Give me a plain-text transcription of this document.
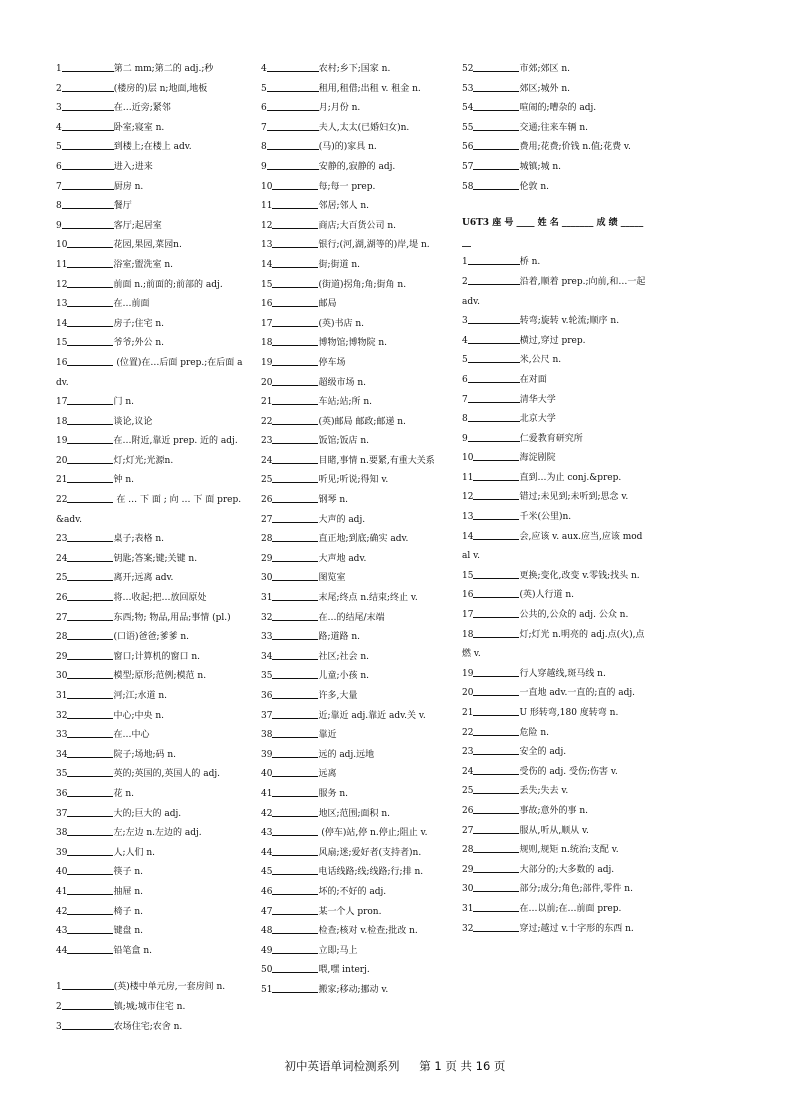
1	第二 mm;第二的 adj.;秒
2	(楼房的)层 n;地面,地板
3	在…近旁;紧邻
4	卧室;寝室 n.
5	到楼上;在楼上 adv.
6	进入;进来
7	厨房 n.
8	餐厅
9	客厅;起居室
10	花园,果园,菜园n.
11	浴室;盥洗室 n.
12	前面 n.;前面的;前部的 adj.
13	在…前面
14	房子;住宅 n.
15	爷爷;外公 n.
16	(位置)在…后面 prep.;在后面 adv.
17	门 n.
18	谈论,议论
19	在…附近,靠近 prep. 近的 adj.
20	灯;灯光;光源n.
21	钟 n.
22	在 … 下 面 ; 向 … 下 面 prep.&adv.
23	桌子;表格 n.
24	钥匙;答案;键;关键 n.
25	离开;远离 adv.
26	将…收起;把…放回原处
27	东西;物; 物品,用品;事情 (pl.)
28	(口语)爸爸;爹爹 n.
29	窗口;计算机的窗口 n.
30	模型;原形;范例;模范 n.
31	河;江;水道 n.
32	中心;中央 n.
33	在…中心
34	院子;场地;码 n.
35	英的;英国的,英国人的 adj.
36	花 n.
37	大的;巨大的 adj.
38	左;左边 n.左边的 adj.
39	人;人们 n.
40	筷子 n.
41	抽屉 n.
42	椅子 n.
43	键盘 n.
44	铅笔盒 n.
1	(英)楼中单元房,一套房间 n.
2	镇;城;城市住宅 n.
3	农场住宅;农舍 n.
4	农村;乡下;国家 n.
5	租用,租借;出租 v. 租金 n.
6	月;月份 n.
7	夫人,太太(已婚妇女)n.
8	(马)的)家具 n.
9	安静的,寂静的 adj.
10	每;每一 prep.
11	邻居;邻人 n.
12	商店;大百货公司 n.
13	银行;(河,湖,湖等的)岸,堤 n.
14	街;街道 n.
15	(街道)拐角;角;街角 n.
16	邮局
17	(英)书店 n.
18	博物馆;博物院 n.
19	停车场
20	超级市场 n.
21	车站;站;所 n.
22	(英)邮局 邮政;邮递 n.
23	饭馆;饭店 n.
24	目睹,事情 n.要紧,有重大关系
25	听见;听说;得知 v.
26	钢琴 n.
27	大声的 adj.
28	直正地;到底;确实 adv.
29	大声地 adv.
30	图览室
31	末尾;终点 n.结束;终止 v.
32	在…的结尾/末端
33	路;道路 n.
34	社区;社会 n.
35	儿童;小孩 n.
36	许多,大量
37	近;靠近 adj.靠近 adv.关 v.
38	靠近
39	远的 adj.远地
40	远离
41	服务 n.
42	地区;范围;面积 n.
43	(停车)站,停 n.停止;阻止 v.
44	风扇;迷;爱好者(支持者)n.
45	电话线路;线;线路;行;排 n.
46	坏的;不好的 adj.
47	某一个人 pron.
48	检查;核对 v.检查;批改 n.
49	立即;马上
50	喂,嘿 interj.
51	搬家;移动;挪动 v.
52	市郊;郊区 n.
53	郊区;城外 n.
54	喧闹的;嘈杂的 adj.
55	交通;往来车辆 n.
56	费用;花费;价钱 n.值;花费 v.
57	城镇;城 n.
58	伦敦 n.
U6T3 座 号 ____ 姓 名 _______ 成 绩 _______
1	桥 n.
2	沿着,顺着 prep.;向前,和…一起 adv.
3	转弯;旋转 v.轮流;顺序 n.
4	横过,穿过 prep.
5	米,公尺 n.
6	在对面
7	清华大学
8	北京大学
9	仁爱教育研究所
10	海淀剧院
11	直到…为止 conj.&prep.
12	错过;未见到;未听到;思念 v.
13	千米(公里)n.
14	会,应该 v. aux.应当,应该 modal v.
15	更换;变化,改变 v.零钱;找头 n.
16	(英)人行道 n.
17	公共的,公众的 adj. 公众 n.
18	灯;灯光 n.明亮的 adj.点(火),点燃 v.
19	行人穿越线,斑马线 n.
20	一直地 adv.一直的;直的 adj.
21	U 形转弯,180 度转弯 n.
22	危险 n.
23	安全的 adj.
24	受伤的 adj. 受伤;伤害 v.
25	丢失;失去 v.
26	事故;意外的事 n.
27	服从,听从,顺从 v.
28	规则,规矩 n.统治;支配 v.
29	大部分的;大多数的 adj.
30	部分;成分;角色;部件,零件 n.
31	在…以前;在…前面 prep.
32	穿过;越过 v.十字形的东西 n.
初中英语单词检测系列 第 1 页 共 16 页
